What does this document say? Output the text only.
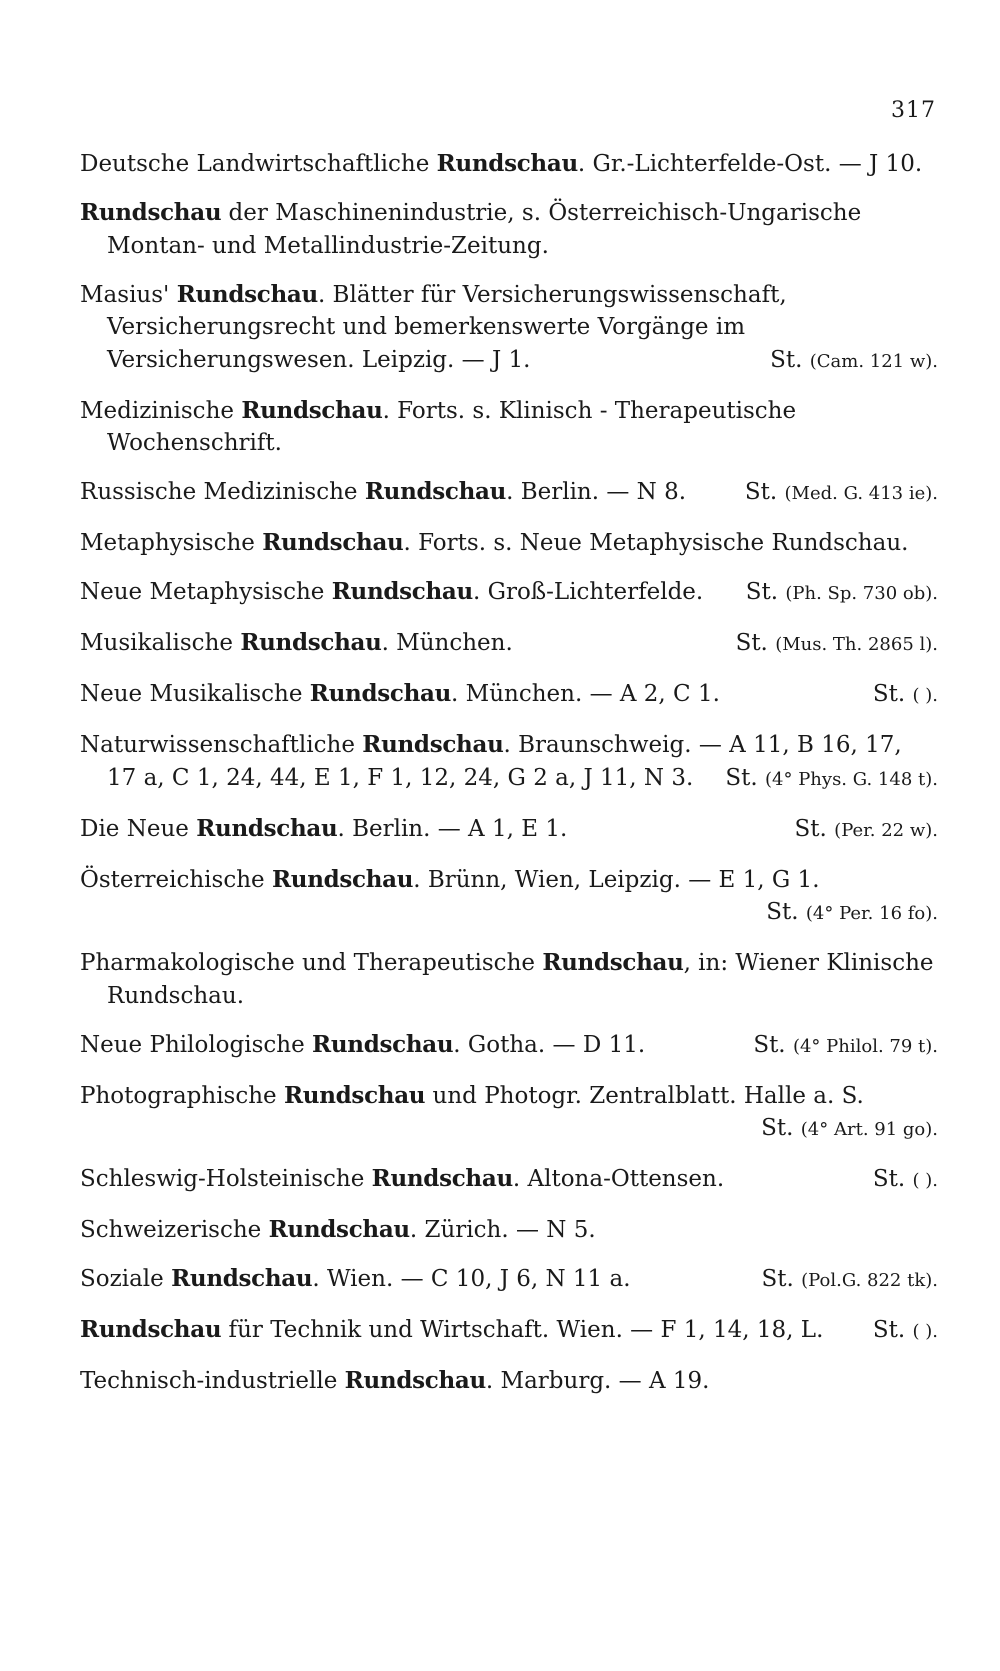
317
Deutsche Landwirtschaftliche Rundschau. Gr.-Lichterfelde-Ost. — J 10.
Rundschau der Maschinenindustrie, s. Österreichisch-Ungarische Montan- und Metallindustrie-Zeitung.
Masius' Rundschau. Blätter für Versicherungswissenschaft, Versicherungsrecht und bemerkenswerte Vorgänge im Versicherungswesen. Leipzig. — J 1.	St. (Cam. 121 w).
Medizinische Rundschau. Forts. s. Klinisch - Therapeutische Wochenschrift.
Russische Medizinische Rundschau. Berlin. — N 8.	St. (Med. G. 413 ie).
Metaphysische Rundschau. Forts. s. Neue Metaphysische Rundschau.
Neue Metaphysische Rundschau. Groß-Lichterfelde. St. (Ph. Sp. 730 ob).
Musikalische Rundschau. München.	St. (Mus. Th. 2865 l).
Neue Musikalische Rundschau. München. — A 2, C 1.	St. ( ).
Naturwissenschaftliche Rundschau. Braunschweig. — A 11, B 16, 17, 17 a, C 1, 24, 44, E 1, F 1, 12, 24, G 2 a, J 11, N 3. St. (4° Phys. G. 148 t).
Die Neue Rundschau. Berlin. — A 1, E 1.	St. (Per. 22 w).
Österreichische Rundschau. Brünn, Wien, Leipzig. — E 1, G 1.
St. (4° Per. 16 fo).
Pharmakologische und Therapeutische Rundschau, in: Wiener Klinische Rundschau.
Neue Philologische Rundschau. Gotha. — D 11.	St. (4° Philol. 79 t).
Photographische Rundschau und Photogr. Zentralblatt. Halle a. S.
St. (4° Art. 91 go).
Schleswig-Holsteinische Rundschau. Altona-Ottensen.	St. ( ).
Schweizerische Rundschau. Zürich. — N 5.
Soziale Rundschau. Wien. — C 10, J 6, N 11 a.	St. (Pol.G. 822 tk).
Rundschau für Technik und Wirtschaft. Wien. — F 1, 14, 18, L. St. ( ).
Technisch-industrielle Rundschau. Marburg. — A 19.
